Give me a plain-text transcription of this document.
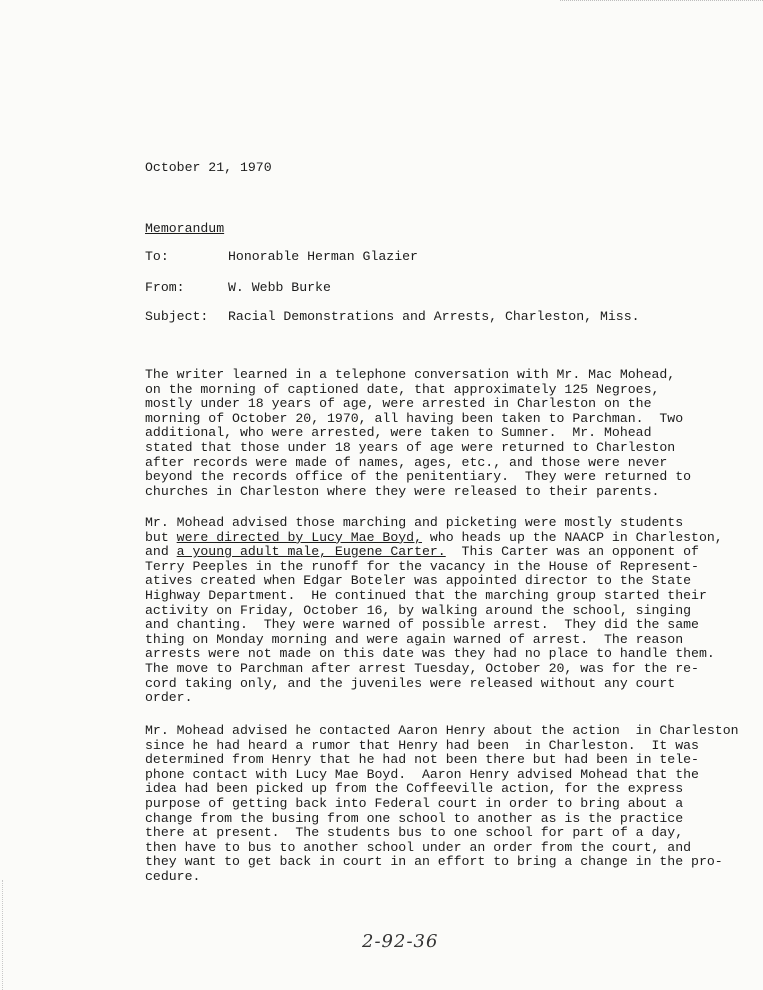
October 21, 1970
Memorandum
To:	Honorable Herman Glazier
From:	W. Webb Burke
Subject: Racial Demonstrations and Arrests, Charleston, Miss.
The writer learned in a telephone conversation with Mr. Mac Mohead,
on the morning of captioned date, that approximately 125 Negroes,
mostly under 18 years of age, were arrested in Charleston on the
morning of October 20, 1970, all having been taken to Parchman.  Two
additional, who were arrested, were taken to Sumner.  Mr. Mohead
stated that those under 18 years of age were returned to Charleston
after records were made of names, ages, etc., and those were never
beyond the records office of the penitentiary.  They were returned to
churches in Charleston where they were released to their parents.
Mr. Mohead advised those marching and picketing were mostly students
but were directed by Lucy Mae Boyd, who heads up the NAACP in Charleston,
and a young adult male, Eugene Carter.  This Carter was an opponent of
Terry Peeples in the runoff for the vacancy in the House of Represent-
atives created when Edgar Boteler was appointed director to the State
Highway Department.  He continued that the marching group started their
activity on Friday, October 16, by walking around the school, singing
and chanting.  They were warned of possible arrest.  They did the same
thing on Monday morning and were again warned of arrest.  The reason
arrests were not made on this date was they had no place to handle them.
The move to Parchman after arrest Tuesday, October 20, was for the re-
cord taking only, and the juveniles were released without any court
order.
Mr. Mohead advised he contacted Aaron Henry about the action  in Charleston
since he had heard a rumor that Henry had been  in Charleston.  It was
determined from Henry that he had not been there but had been in tele-
phone contact with Lucy Mae Boyd.  Aaron Henry advised Mohead that the
idea had been picked up from the Coffeeville action, for the express
purpose of getting back into Federal court in order to bring about a
change from the busing from one school to another as is the practice
there at present.  The students bus to one school for part of a day,
then have to bus to another school under an order from the court, and
they want to get back in court in an effort to bring a change in the pro-
cedure.
2-92-36
